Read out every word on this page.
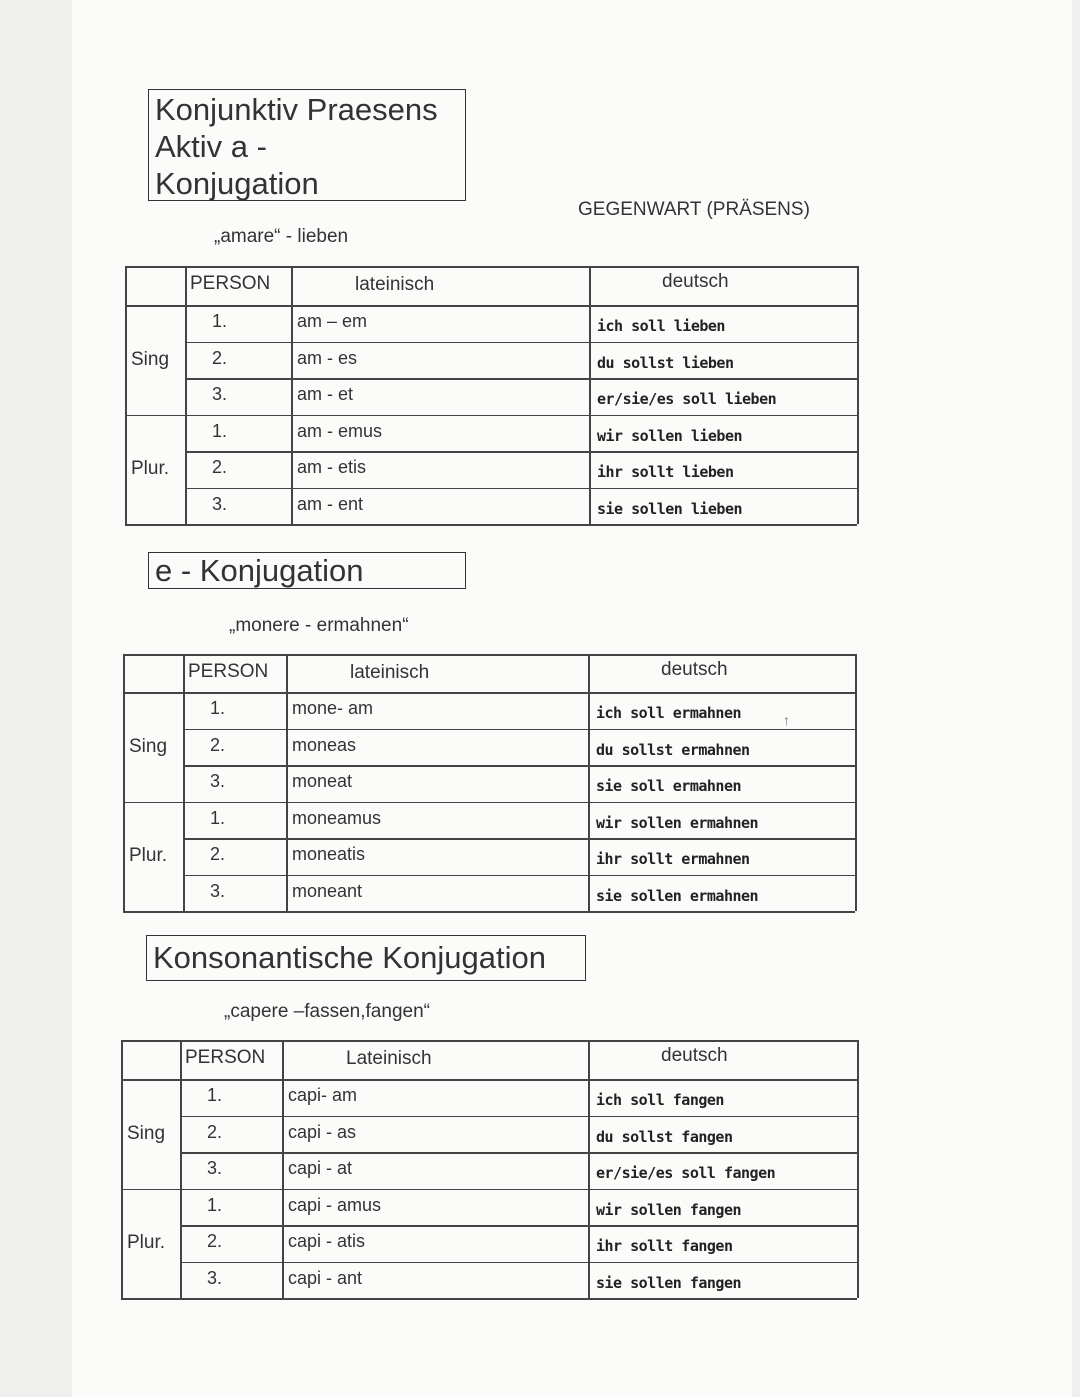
Konjunktiv Praesens
Aktiv a -
Konjugation
GEGENWART (PRÄSENS)
„amare“ - lieben
e - Konjugation
„monere - ermahnen“
Konsonantische Konjugation
„capere –fassen,fangen“
↑
PERSON	lateinisch	deutsch
Sing
Plur.
1.	am – em	ich soll lieben
2.	am - es	du sollst lieben
3.	am - et	er/sie/es soll lieben
1.	am - emus	wir sollen lieben
2.	am - etis	ihr sollt lieben
3.	am - ent	sie sollen lieben
PERSON	lateinisch	deutsch
Sing
Plur.
1.	mone- am	ich soll ermahnen
2.	moneas	du sollst ermahnen
3.	moneat	sie soll ermahnen
1.	moneamus	wir sollen ermahnen
2.	moneatis	ihr sollt ermahnen
3.	moneant	sie sollen ermahnen
PERSON	Lateinisch	deutsch
Sing
Plur.
1.	capi- am	ich soll fangen
2.	capi - as	du sollst fangen
3.	capi - at	er/sie/es soll fangen
1.	capi - amus	wir sollen fangen
2.	capi - atis	ihr sollt fangen
3.	capi - ant	sie sollen fangen
